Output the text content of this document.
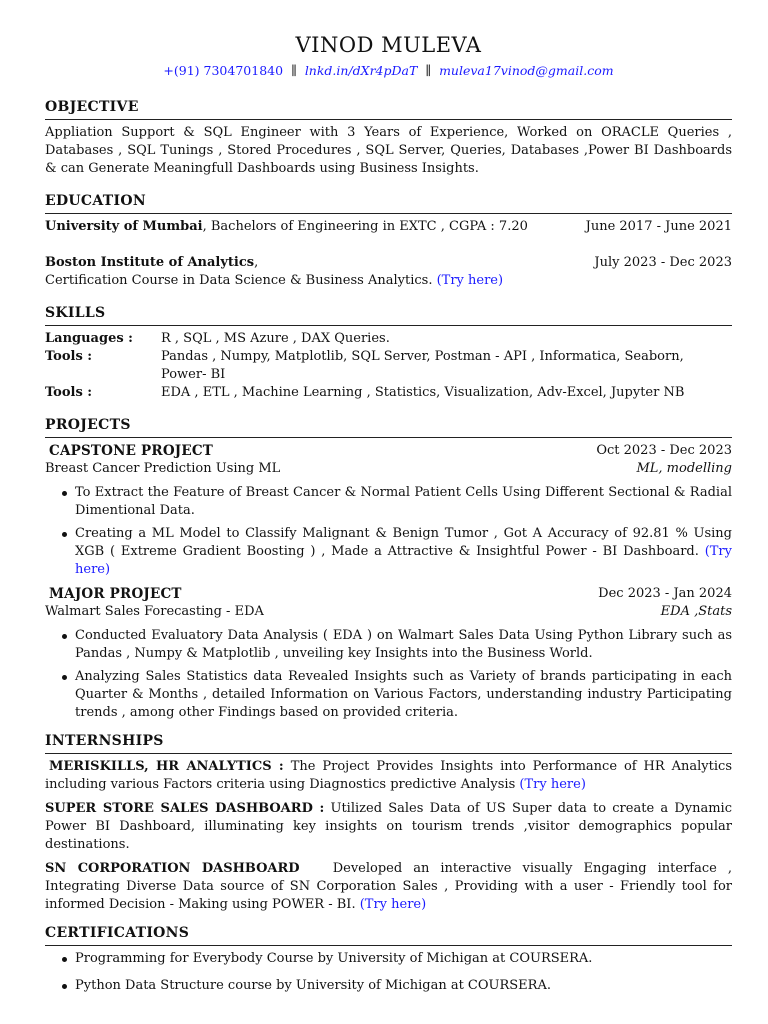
VINOD MULEVA
+(91) 7304701840 ∥ lnkd.in/dXr4pDaT ∥ muleva17vinod@gmail.com
OBJECTIVE
Appliation Support & SQL Engineer with 3 Years of Experience, Worked on ORACLE Queries , Databases , SQL Tunings , Stored Procedures , SQL Server, Queries, Databases ,Power BI Dashboards & can Generate Meaningfull Dashboards using Business Insights.
EDUCATION
University of Mumbai, Bachelors of Engineering in EXTC , CGPA : 7.20	June 2017 - June 2021
Boston Institute of Analytics,	July 2023 - Dec 2023
Certification Course in Data Science & Business Analytics. (Try here)
SKILLS
Languages :	R , SQL , MS Azure , DAX Queries.
Tools :	Pandas , Numpy, Matplotlib, SQL Server, Postman - API , Informatica, Seaborn, Power- BI
Tools :	EDA , ETL , Machine Learning , Statistics, Visualization, Adv-Excel, Jupyter NB
PROJECTS
CAPSTONE PROJECT	Oct 2023 - Dec 2023
Breast Cancer Prediction Using ML	ML, modelling
To Extract the Feature of Breast Cancer & Normal Patient Cells Using Different Sectional & Radial Dimentional Data.
Creating a ML Model to Classify Malignant & Benign Tumor , Got A Accuracy of 92.81 % Using XGB ( Extreme Gradient Boosting ) , Made a Attractive & Insightful Power - BI Dashboard. (Try here)
MAJOR PROJECT	Dec 2023 - Jan 2024
Walmart Sales Forecasting - EDA	EDA ,Stats
Conducted Evaluatory Data Analysis ( EDA ) on Walmart Sales Data Using Python Library such as Pandas , Numpy & Matplotlib , unveiling key Insights into the Business World.
Analyzing Sales Statistics data Revealed Insights such as Variety of brands participating in each Quarter & Months , detailed Information on Various Factors, understanding industry Participating trends , among other Findings based on provided criteria.
INTERNSHIPS
MERISKILLS, HR ANALYTICS : The Project Provides Insights into Performance of HR Analytics including various Factors criteria using Diagnostics predictive Analysis (Try here)
SUPER STORE SALES DASHBOARD : Utilized Sales Data of US Super data to create a Dynamic Power BI Dashboard, illuminating key insights on tourism trends ,visitor demographics popular destinations.
SN CORPORATION DASHBOARD	Developed an interactive visually Engaging interface , Integrating Diverse Data source of SN Corporation Sales , Providing with a user - Friendly tool for informed Decision - Making using POWER - BI. (Try here)
CERTIFICATIONS
Programming for Everybody Course by University of Michigan at COURSERA.
Python Data Structure course by University of Michigan at COURSERA.
